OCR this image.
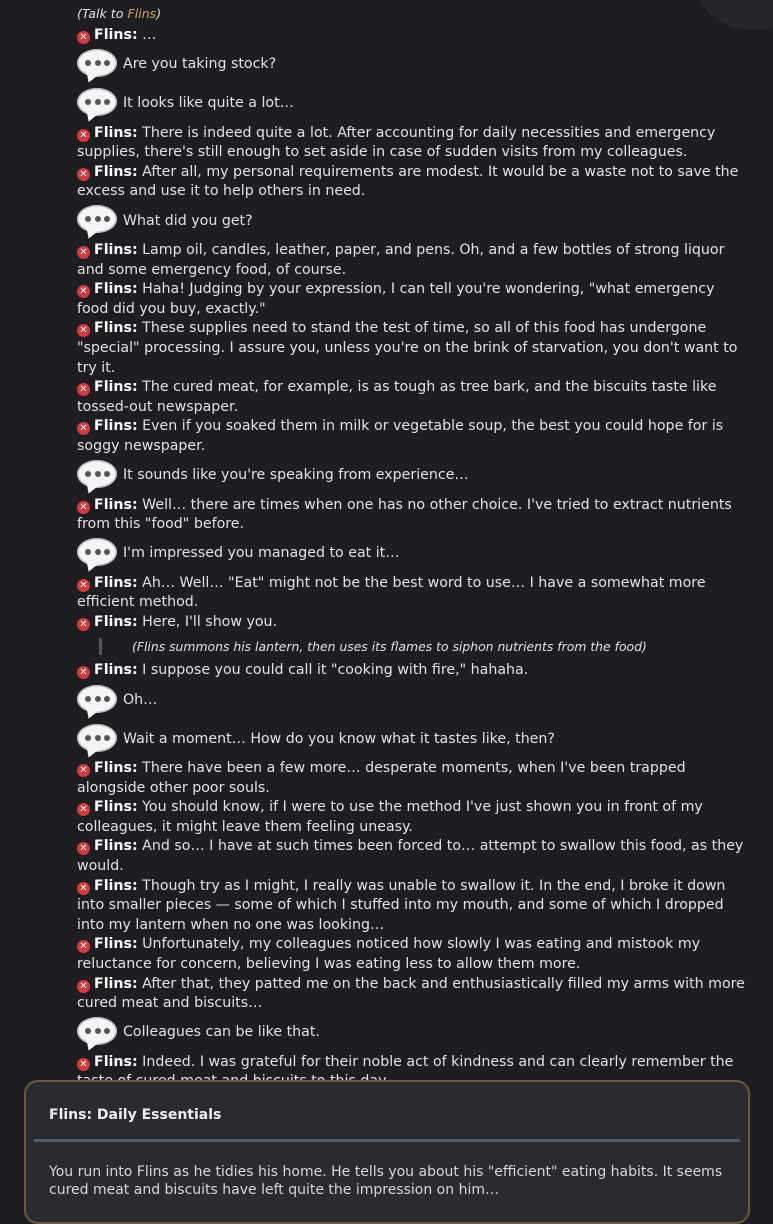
(Talk to Flins)
✕ Flins: …
Are you taking stock?
It looks like quite a lot…
✕ Flins: There is indeed quite a lot. After accounting for daily necessities and emergency supplies, there's still enough to set aside in case of sudden visits from my colleagues.
✕ Flins: After all, my personal requirements are modest. It would be a waste not to save the excess and use it to help others in need.
What did you get?
✕ Flins: Lamp oil, candles, leather, paper, and pens. Oh, and a few bottles of strong liquor and some emergency food, of course.
✕ Flins: Haha! Judging by your expression, I can tell you're wondering, "what emergency food did you buy, exactly."
✕ Flins: These supplies need to stand the test of time, so all of this food has undergone "special" processing. I assure you, unless you're on the brink of starvation, you don't want to try it.
✕ Flins: The cured meat, for example, is as tough as tree bark, and the biscuits taste like tossed-out newspaper.
✕ Flins: Even if you soaked them in milk or vegetable soup, the best you could hope for is soggy newspaper.
It sounds like you're speaking from experience…
✕ Flins: Well… there are times when one has no other choice. I've tried to extract nutrients from this "food" before.
I'm impressed you managed to eat it…
✕ Flins: Ah… Well… "Eat" might not be the best word to use… I have a somewhat more efficient method.
✕ Flins: Here, I'll show you.
(Flins summons his lantern, then uses its flames to siphon nutrients from the food)
✕ Flins: I suppose you could call it "cooking with fire," hahaha.
Oh…
Wait a moment… How do you know what it tastes like, then?
✕ Flins: There have been a few more… desperate moments, when I've been trapped alongside other poor souls.
✕ Flins: You should know, if I were to use the method I've just shown you in front of my colleagues, it might leave them feeling uneasy.
✕ Flins: And so… I have at such times been forced to… attempt to swallow this food, as they would.
✕ Flins: Though try as I might, I really was unable to swallow it. In the end, I broke it down into smaller pieces — some of which I stuffed into my mouth, and some of which I dropped into my lantern when no one was looking…
✕ Flins: Unfortunately, my colleagues noticed how slowly I was eating and mistook my reluctance for concern, believing I was eating less to allow them more.
✕ Flins: After that, they patted me on the back and enthusiastically filled my arms with more cured meat and biscuits…
Colleagues can be like that.
✕ Flins: Indeed. I was grateful for their noble act of kindness and can clearly remember the
Flins: Daily Essentials
You run into Flins as he tidies his home. He tells you about his "efficient" eating habits. It seems cured meat and biscuits have left quite the impression on him…
